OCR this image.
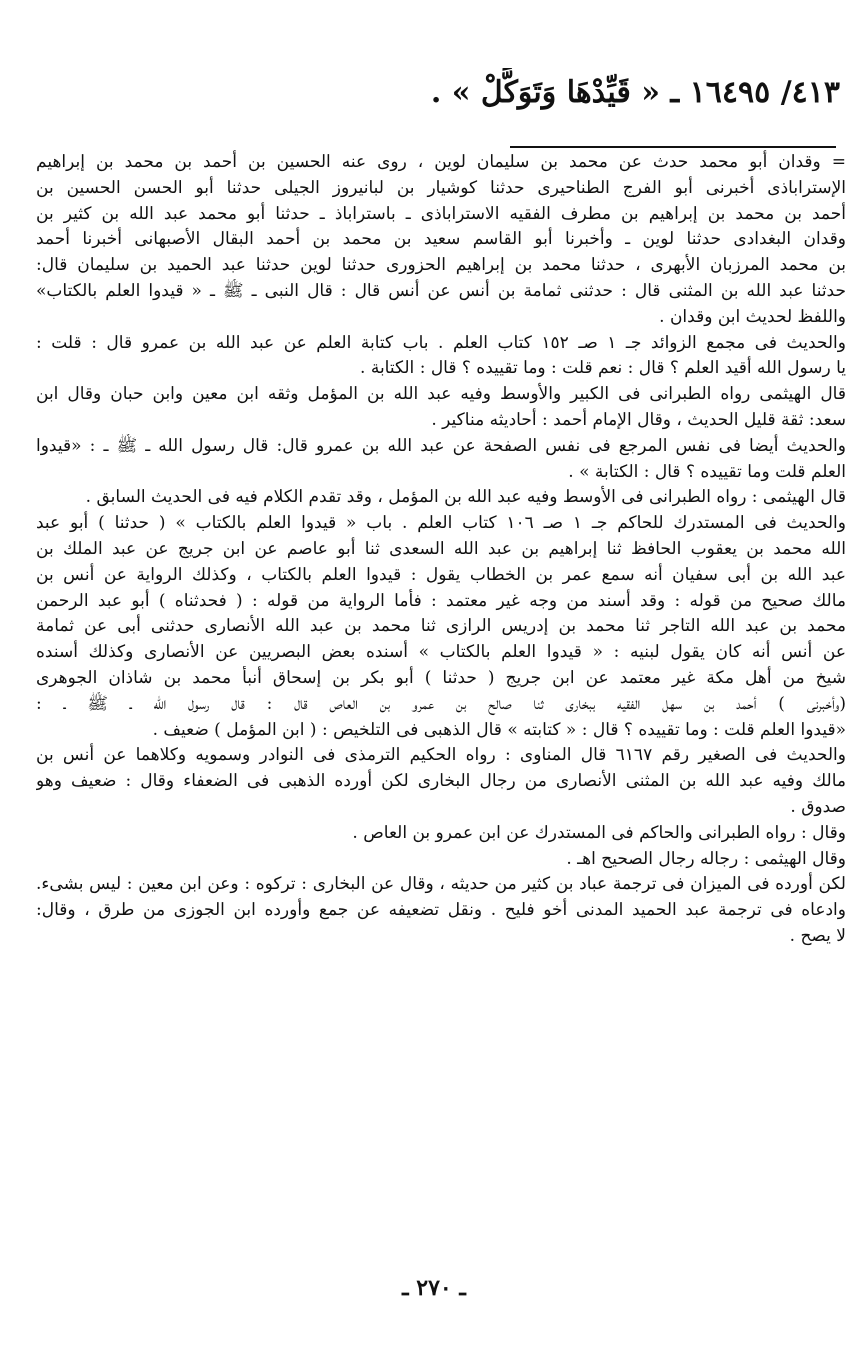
٤١٣/ ١٦٤٩٥ ـ « قَيِّدْهَا وَتَوَكَّلْ » .
= وقدان أبو محمد حدث عن محمد بن سليمان لوين ، روى عنه الحسين بن أحمد بن محمد بن إبراهيم
الإستراباذى أخبرنى أبو الفرج الطناحيرى حدثنا كوشيار بن لبانيروز الجيلى حدثنا أبو الحسن الحسين بن
أحمد بن محمد بن إبراهيم بن مطرف الفقيه الاستراباذى ـ باستراباذ ـ حدثنا أبو محمد عبد الله بن كثير بن
وقدان البغدادى حدثنا لوين ـ وأخبرنا أبو القاسم سعيد بن محمد بن أحمد البقال الأصبهانى أخبرنا أحمد
بن محمد المرزبان الأبهرى ، حدثنا محمد بن إبراهيم الحزورى حدثنا لوين حدثنا عبد الحميد بن سليمان قال:
حدثنا عبد الله بن المثنى قال : حدثنى ثمامة بن أنس عن أنس قال : قال النبى ـ ﷺ ـ « قيدوا العلم بالكتاب»
واللفظ لحديث ابن وقدان .
والحديث فى مجمع الزوائد جـ ١ صـ ١٥٢ كتاب العلم . باب كتابة العلم عن عبد الله بن عمرو قال : قلت :
يا رسول الله أقيد العلم ؟ قال : نعم قلت : وما تقييده ؟ قال : الكتابة .
قال الهيثمى رواه الطبرانى فى الكبير والأوسط وفيه عبد الله بن المؤمل وثقه ابن معين وابن حبان وقال ابن
سعد: ثقة قليل الحديث ، وقال الإمام أحمد : أحاديثه مناكير .
والحديث أيضا فى نفس المرجع فى نفس الصفحة عن عبد الله بن عمرو قال: قال رسول الله ـ ﷺ ـ : «قيدوا
العلم قلت وما تقييده ؟ قال : الكتابة » .
قال الهيثمى : رواه الطبرانى فى الأوسط وفيه عبد الله بن المؤمل ، وقد تقدم الكلام فيه فى الحديث السابق .
والحديث فى المستدرك للحاكم جـ ١ صـ ١٠٦ كتاب العلم . باب « قيدوا العلم بالكتاب » ( حدثنا ) أبو عبد
الله محمد بن يعقوب الحافظ ثنا إبراهيم بن عبد الله السعدى ثنا أبو عاصم عن ابن جريج عن عبد الملك بن
عبد الله بن أبى سفيان أنه سمع عمر بن الخطاب يقول : قيدوا العلم بالكتاب ، وكذلك الرواية عن أنس بن
مالك صحيح من قوله : وقد أسند من وجه غير معتمد : فأما الرواية من قوله : ( فحدثناه ) أبو عبد الرحمن
محمد بن عبد الله التاجر ثنا محمد بن إدريس الرازى ثنا محمد بن عبد الله الأنصارى حدثنى أبى عن ثمامة
عن أنس أنه كان يقول لبنيه : « قيدوا العلم بالكتاب » أسنده بعض البصريين عن الأنصارى وكذلك أسنده
شيخ من أهل مكة غير معتمد عن ابن جريج ( حدثنا ) أبو بكر بن إسحاق أنبأ محمد بن شاذان الجوهرى
(وأخبرنى ) أحمد بن سهل الفقيه ببخارى ثنا صالح بن عمرو بن العاص قال : قال رسول الله ـ ﷺ ـ :
«قيدوا العلم قلت : وما تقييده ؟ قال : « كتابته » قال الذهبى فى التلخيص : ( ابن المؤمل ) ضعيف .
والحديث فى الصغير رقم ٦١٦٧ قال المناوى : رواه الحكيم الترمذى فى النوادر وسمويه وكلاهما عن أنس بن
مالك وفيه عبد الله بن المثنى الأنصارى من رجال البخارى لكن أورده الذهبى فى الضعفاء وقال : ضعيف وهو
صدوق .
وقال : رواه الطبرانى والحاكم فى المستدرك عن ابن عمرو بن العاص .
وقال الهيثمى : رجاله رجال الصحيح اهـ .
لكن أورده فى الميزان فى ترجمة عباد بن كثير من حديثه ، وقال عن البخارى : تركوه : وعن ابن معين : ليس بشىء.
وادعاه فى ترجمة عبد الحميد المدنى أخو فليح . ونقل تضعيفه عن جمع وأورده ابن الجوزى من طرق ، وقال:
لا يصح .
ـ ٢٧٠ ـ
